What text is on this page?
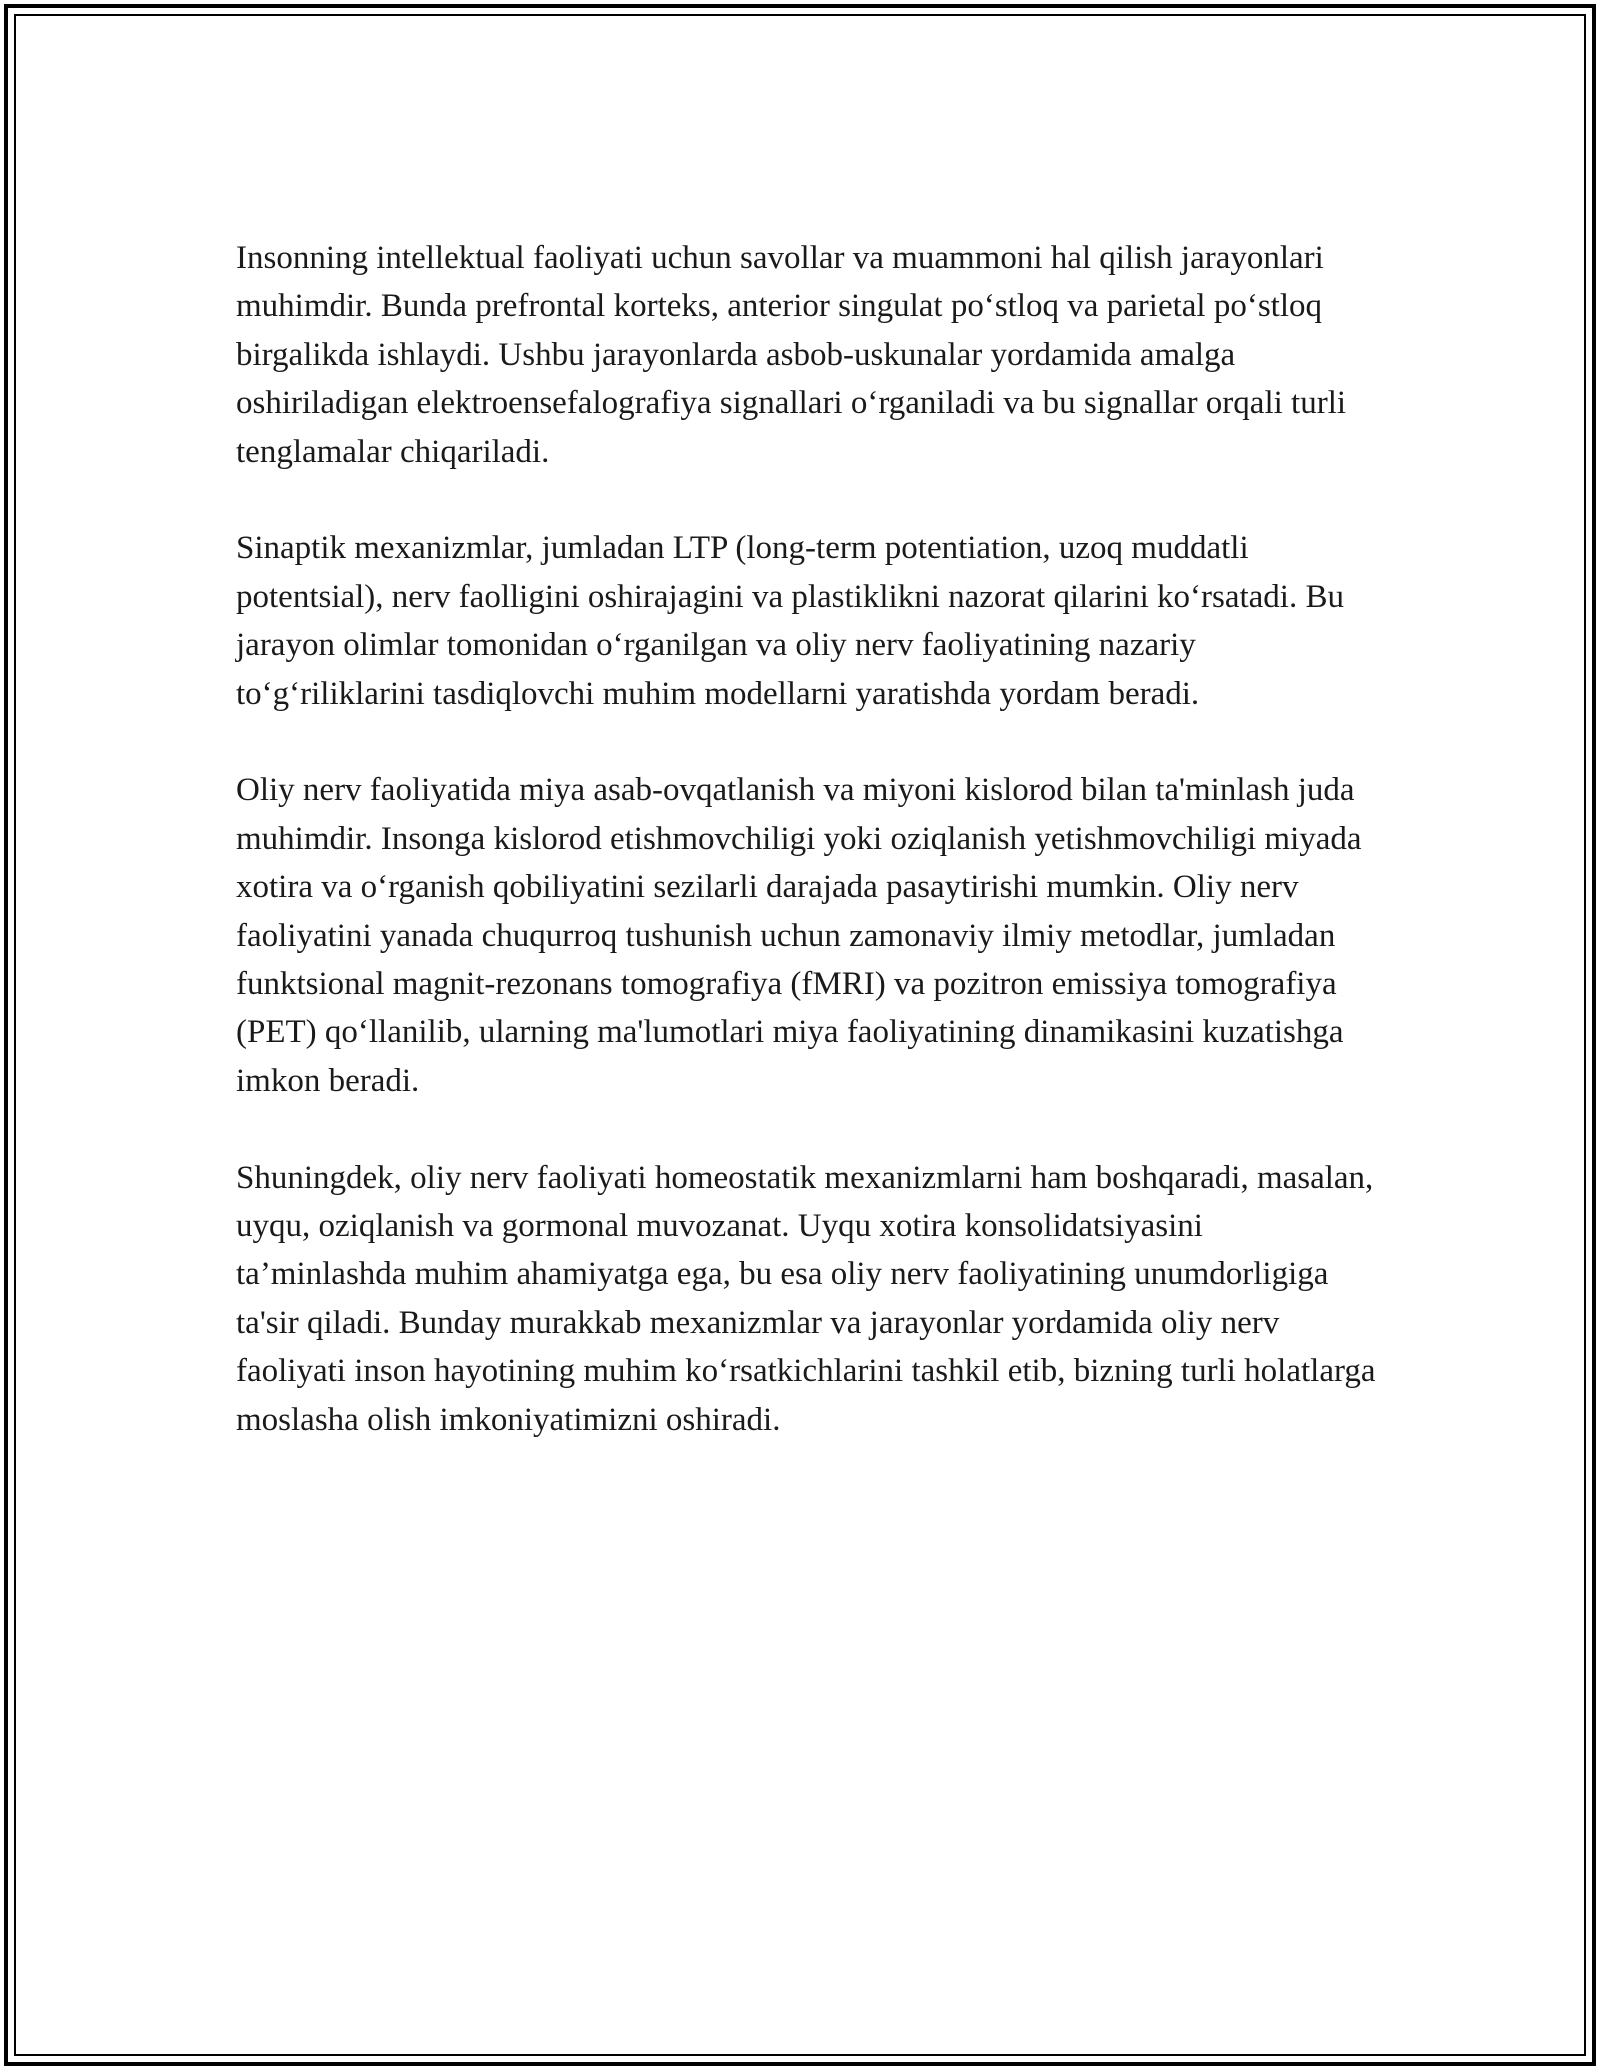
Insonning intellektual faoliyati uchun savollar va muammoni hal qilish jarayonlari muhimdir. Bunda prefrontal korteks, anterior singulat po‘stloq va parietal po‘stloq birgalikda ishlaydi. Ushbu jarayonlarda asbob-uskunalar yordamida amalga oshiriladigan elektroensefalografiya signallari o‘rganiladi va bu signallar orqali turli tenglamalar chiqariladi.

Sinaptik mexanizmlar, jumladan LTP (long-term potentiation, uzoq muddatli potentsial), nerv faolligini oshirajagini va plastiklikni nazorat qilarini ko‘rsatadi. Bu jarayon olimlar tomonidan o‘rganilgan va oliy nerv faoliyatining nazariy to‘g‘riliklarini tasdiqlovchi muhim modellarni yaratishda yordam beradi.

Oliy nerv faoliyatida miya asab-ovqatlanish va miyoni kislorod bilan ta'minlash juda muhimdir. Insonga kislorod etishmovchiligi yoki oziqlanish yetishmovchiligi miyada xotira va o‘rganish qobiliyatini sezilarli darajada pasaytirishi mumkin. Oliy nerv faoliyatini yanada chuqurroq tushunish uchun zamonaviy ilmiy metodlar, jumladan funktsional magnit-rezonans tomografiya (fMRI) va pozitron emissiya tomografiya (PET) qo‘llanilib, ularning ma'lumotlari miya faoliyatining dinamikasini kuzatishga imkon beradi.

Shuningdek, oliy nerv faoliyati homeostatik mexanizmlarni ham boshqaradi, masalan, uyqu, oziqlanish va gormonal muvozanat. Uyqu xotira konsolidatsiyasini ta’minlashda muhim ahamiyatga ega, bu esa oliy nerv faoliyatining unumdorligiga ta'sir qiladi. Bunday murakkab mexanizmlar va jarayonlar yordamida oliy nerv faoliyati inson hayotining muhim ko‘rsatkichlarini tashkil etib, bizning turli holatlarga moslasha olish imkoniyatimizni oshiradi.
